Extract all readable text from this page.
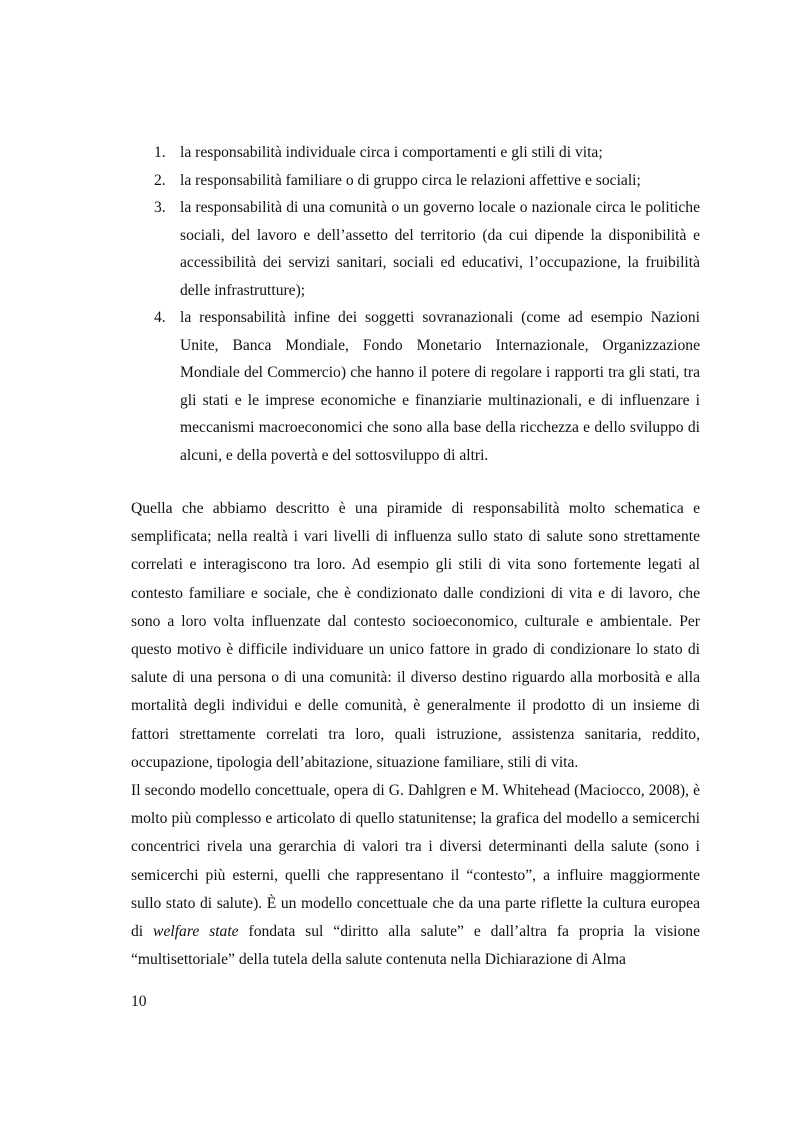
1. la responsabilità individuale circa i comportamenti e gli stili di vita;
2. la responsabilità familiare o di gruppo circa le relazioni affettive e sociali;
3. la responsabilità di una comunità o un governo locale o nazionale circa le politiche sociali, del lavoro e dell’assetto del territorio (da cui dipende la disponibilità e accessibilità dei servizi sanitari, sociali ed educativi, l’occupazione, la fruibilità delle infrastrutture);
4. la responsabilità infine dei soggetti sovranazionali (come ad esempio Nazioni Unite, Banca Mondiale, Fondo Monetario Internazionale, Organizzazione Mondiale del Commercio) che hanno il potere di regolare i rapporti tra gli stati, tra gli stati e le imprese economiche e finanziarie multinazionali, e di influenzare i meccanismi macroeconomici che sono alla base della ricchezza e dello sviluppo di alcuni, e della povertà e del sottosviluppo di altri.

Quella che abbiamo descritto è una piramide di responsabilità molto schematica e semplificata; nella realtà i vari livelli di influenza sullo stato di salute sono strettamente correlati e interagiscono tra loro. Ad esempio gli stili di vita sono fortemente legati al contesto familiare e sociale, che è condizionato dalle condizioni di vita e di lavoro, che sono a loro volta influenzate dal contesto socioeconomico, culturale e ambientale. Per questo motivo è difficile individuare un unico fattore in grado di condizionare lo stato di salute di una persona o di una comunità: il diverso destino riguardo alla morbosità e alla mortalità degli individui e delle comunità, è generalmente il prodotto di un insieme di fattori strettamente correlati tra loro, quali istruzione, assistenza sanitaria, reddito, occupazione, tipologia dell’abitazione, situazione familiare, stili di vita.

Il secondo modello concettuale, opera di G. Dahlgren e M. Whitehead (Maciocco, 2008), è molto più complesso e articolato di quello statunitense; la grafica del modello a semicerchi concentrici rivela una gerarchia di valori tra i diversi determinanti della salute (sono i semicerchi più esterni, quelli che rappresentano il “contesto”, a influire maggiormente sullo stato di salute). È un modello concettuale che da una parte riflette la cultura europea di welfare state fondata sul “diritto alla salute” e dall’altra fa propria la visione “multisettoriale” della tutela della salute contenuta nella Dichiarazione di Alma

10
